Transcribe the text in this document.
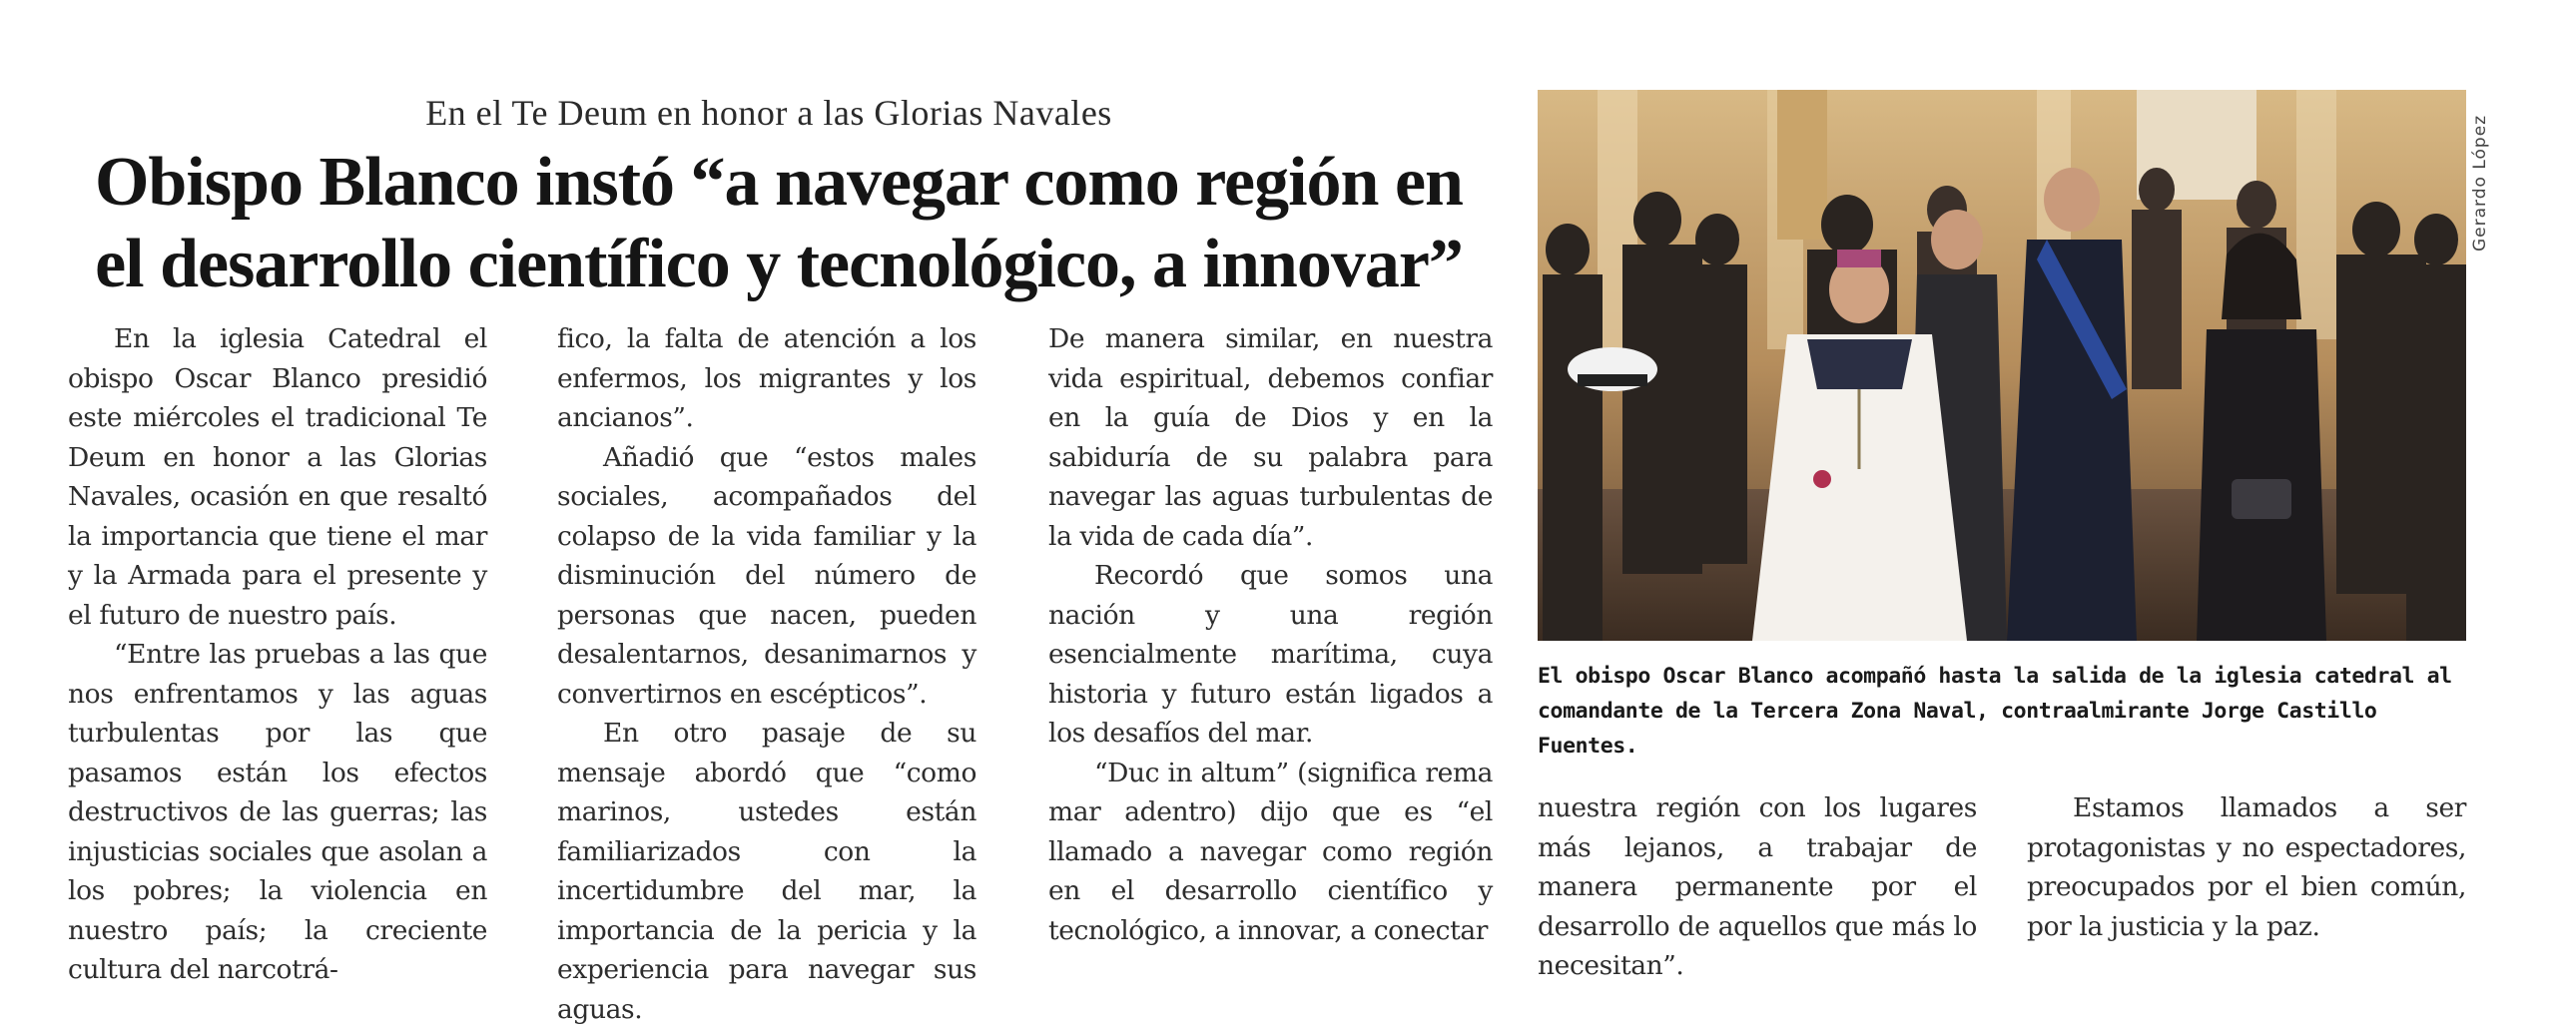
En el Te Deum en honor a las Glorias Navales
Obispo Blanco instó “a navegar como región en el desarrollo científico y tecnológico, a innovar”

En la iglesia Catedral el obispo Oscar Blanco presidió este miércoles el tradicional Te Deum en honor a las Glorias Navales, ocasión en que resaltó la importancia que tiene el mar y la Armada para el presente y el futuro de nuestro país.

“Entre las pruebas a las que nos enfrentamos y las aguas turbulentas por las que pasamos están los efectos destructivos de las guerras; las injusticias sociales que asolan a los pobres; la violencia en nuestro país; la creciente cultura del narcotrá-

fico, la falta de atención a los enfermos, los migrantes y los ancianos”.

Añadió que “estos males sociales, acompañados del colapso de la vida familiar y la disminución del número de personas que nacen, pueden desalentarnos, desanimarnos y convertirnos en escépticos”.

En otro pasaje de su mensaje abordó que “como marinos, ustedes están familiarizados con la incertidumbre del mar, la importancia de la pericia y la experiencia para navegar sus aguas.

De manera similar, en nuestra vida espiritual, debemos confiar en la guía de Dios y en la sabiduría de su palabra para navegar las aguas turbulentas de la vida de cada día”.

Recordó que somos una nación y una región esencialmente marítima, cuya historia y futuro están ligados a los desafíos del mar.

“Duc in altum” (significa rema mar adentro) dijo que es “el llamado a navegar como región en el desarrollo científico y tecnológico, a innovar, a conectar

Gerardo López
El obispo Oscar Blanco acompañó hasta la salida de la iglesia catedral al comandante de la Tercera Zona Naval, contraalmirante Jorge Castillo Fuentes.

nuestra región con los lugares más lejanos, a trabajar de manera permanente por el desarrollo de aquellos que más lo necesitan”.

Estamos llamados a ser protagonistas y no espectadores, preocupados por el bien común, por la justicia y la paz.
